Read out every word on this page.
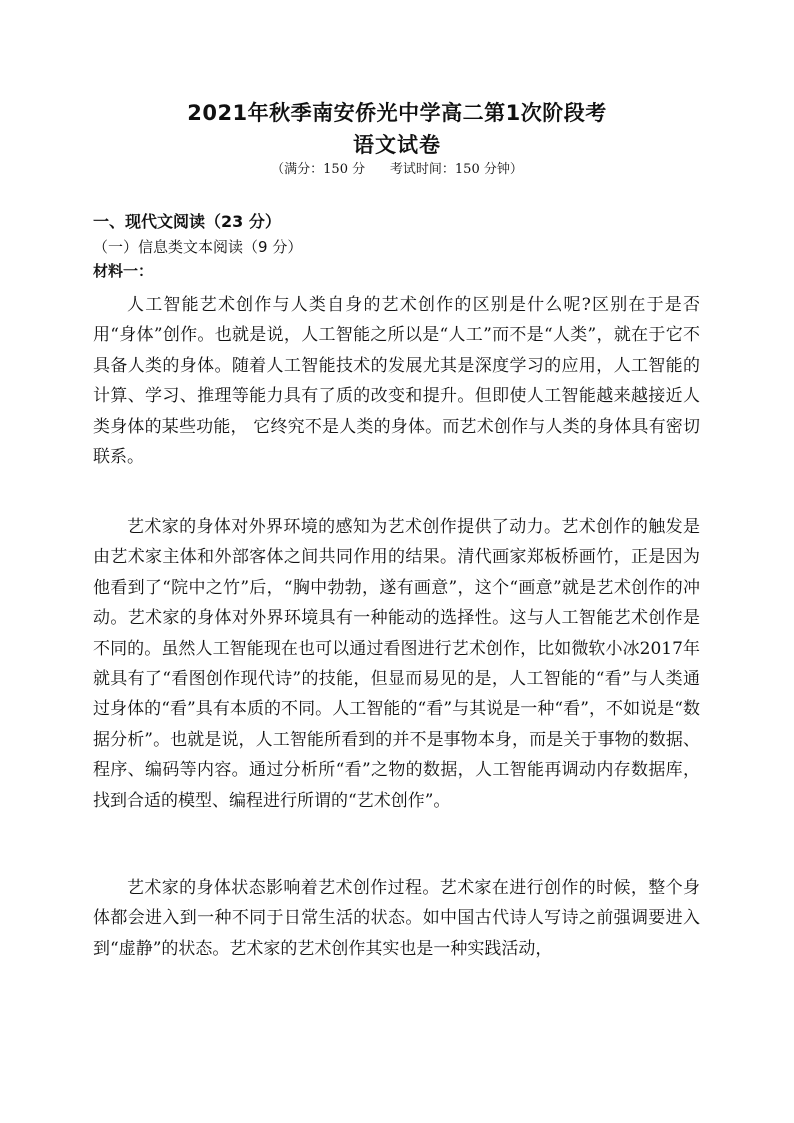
2021年秋季南安侨光中学高二第1次阶段考
语文试卷
（满分：150 分      考试时间：150 分钟）
一、现代文阅读（23 分）
（一）信息类文本阅读（9 分）
材料一：

人工智能艺术创作与人类自身的艺术创作的区别是什么呢?区别在于是否用“身体”创作。也就是说，人工智能之所以是“人工”而不是“人类”，就在于它不具备人类的身体。随着人工智能技术的发展尤其是深度学习的应用，人工智能的计算、学习、推理等能力具有了质的改变和提升。但即使人工智能越来越接近人类身体的某些功能， 它终究不是人类的身体。而艺术创作与人类的身体具有密切联系。

艺术家的身体对外界环境的感知为艺术创作提供了动力。艺术创作的触发是由艺术家主体和外部客体之间共同作用的结果。清代画家郑板桥画竹，正是因为他看到了“院中之竹”后，“胸中勃勃，遂有画意”，这个“画意”就是艺术创作的冲动。艺术家的身体对外界环境具有一种能动的选择性。这与人工智能艺术创作是不同的。虽然人工智能现在也可以通过看图进行艺术创作，比如微软小冰2017年就具有了“看图创作现代诗”的技能，但显而易见的是，人工智能的“看”与人类通过身体的“看”具有本质的不同。人工智能的“看”与其说是一种“看”，不如说是“数据分析”。也就是说，人工智能所看到的并不是事物本身，而是关于事物的数据、程序、编码等内容。通过分析所“看”之物的数据，人工智能再调动内存数据库，找到合适的模型、编程进行所谓的“艺术创作”。

艺术家的身体状态影响着艺术创作过程。艺术家在进行创作的时候，整个身体都会进入到一种不同于日常生活的状态。如中国古代诗人写诗之前强调要进入到“虚静”的状态。艺术家的艺术创作其实也是一种实践活动，
